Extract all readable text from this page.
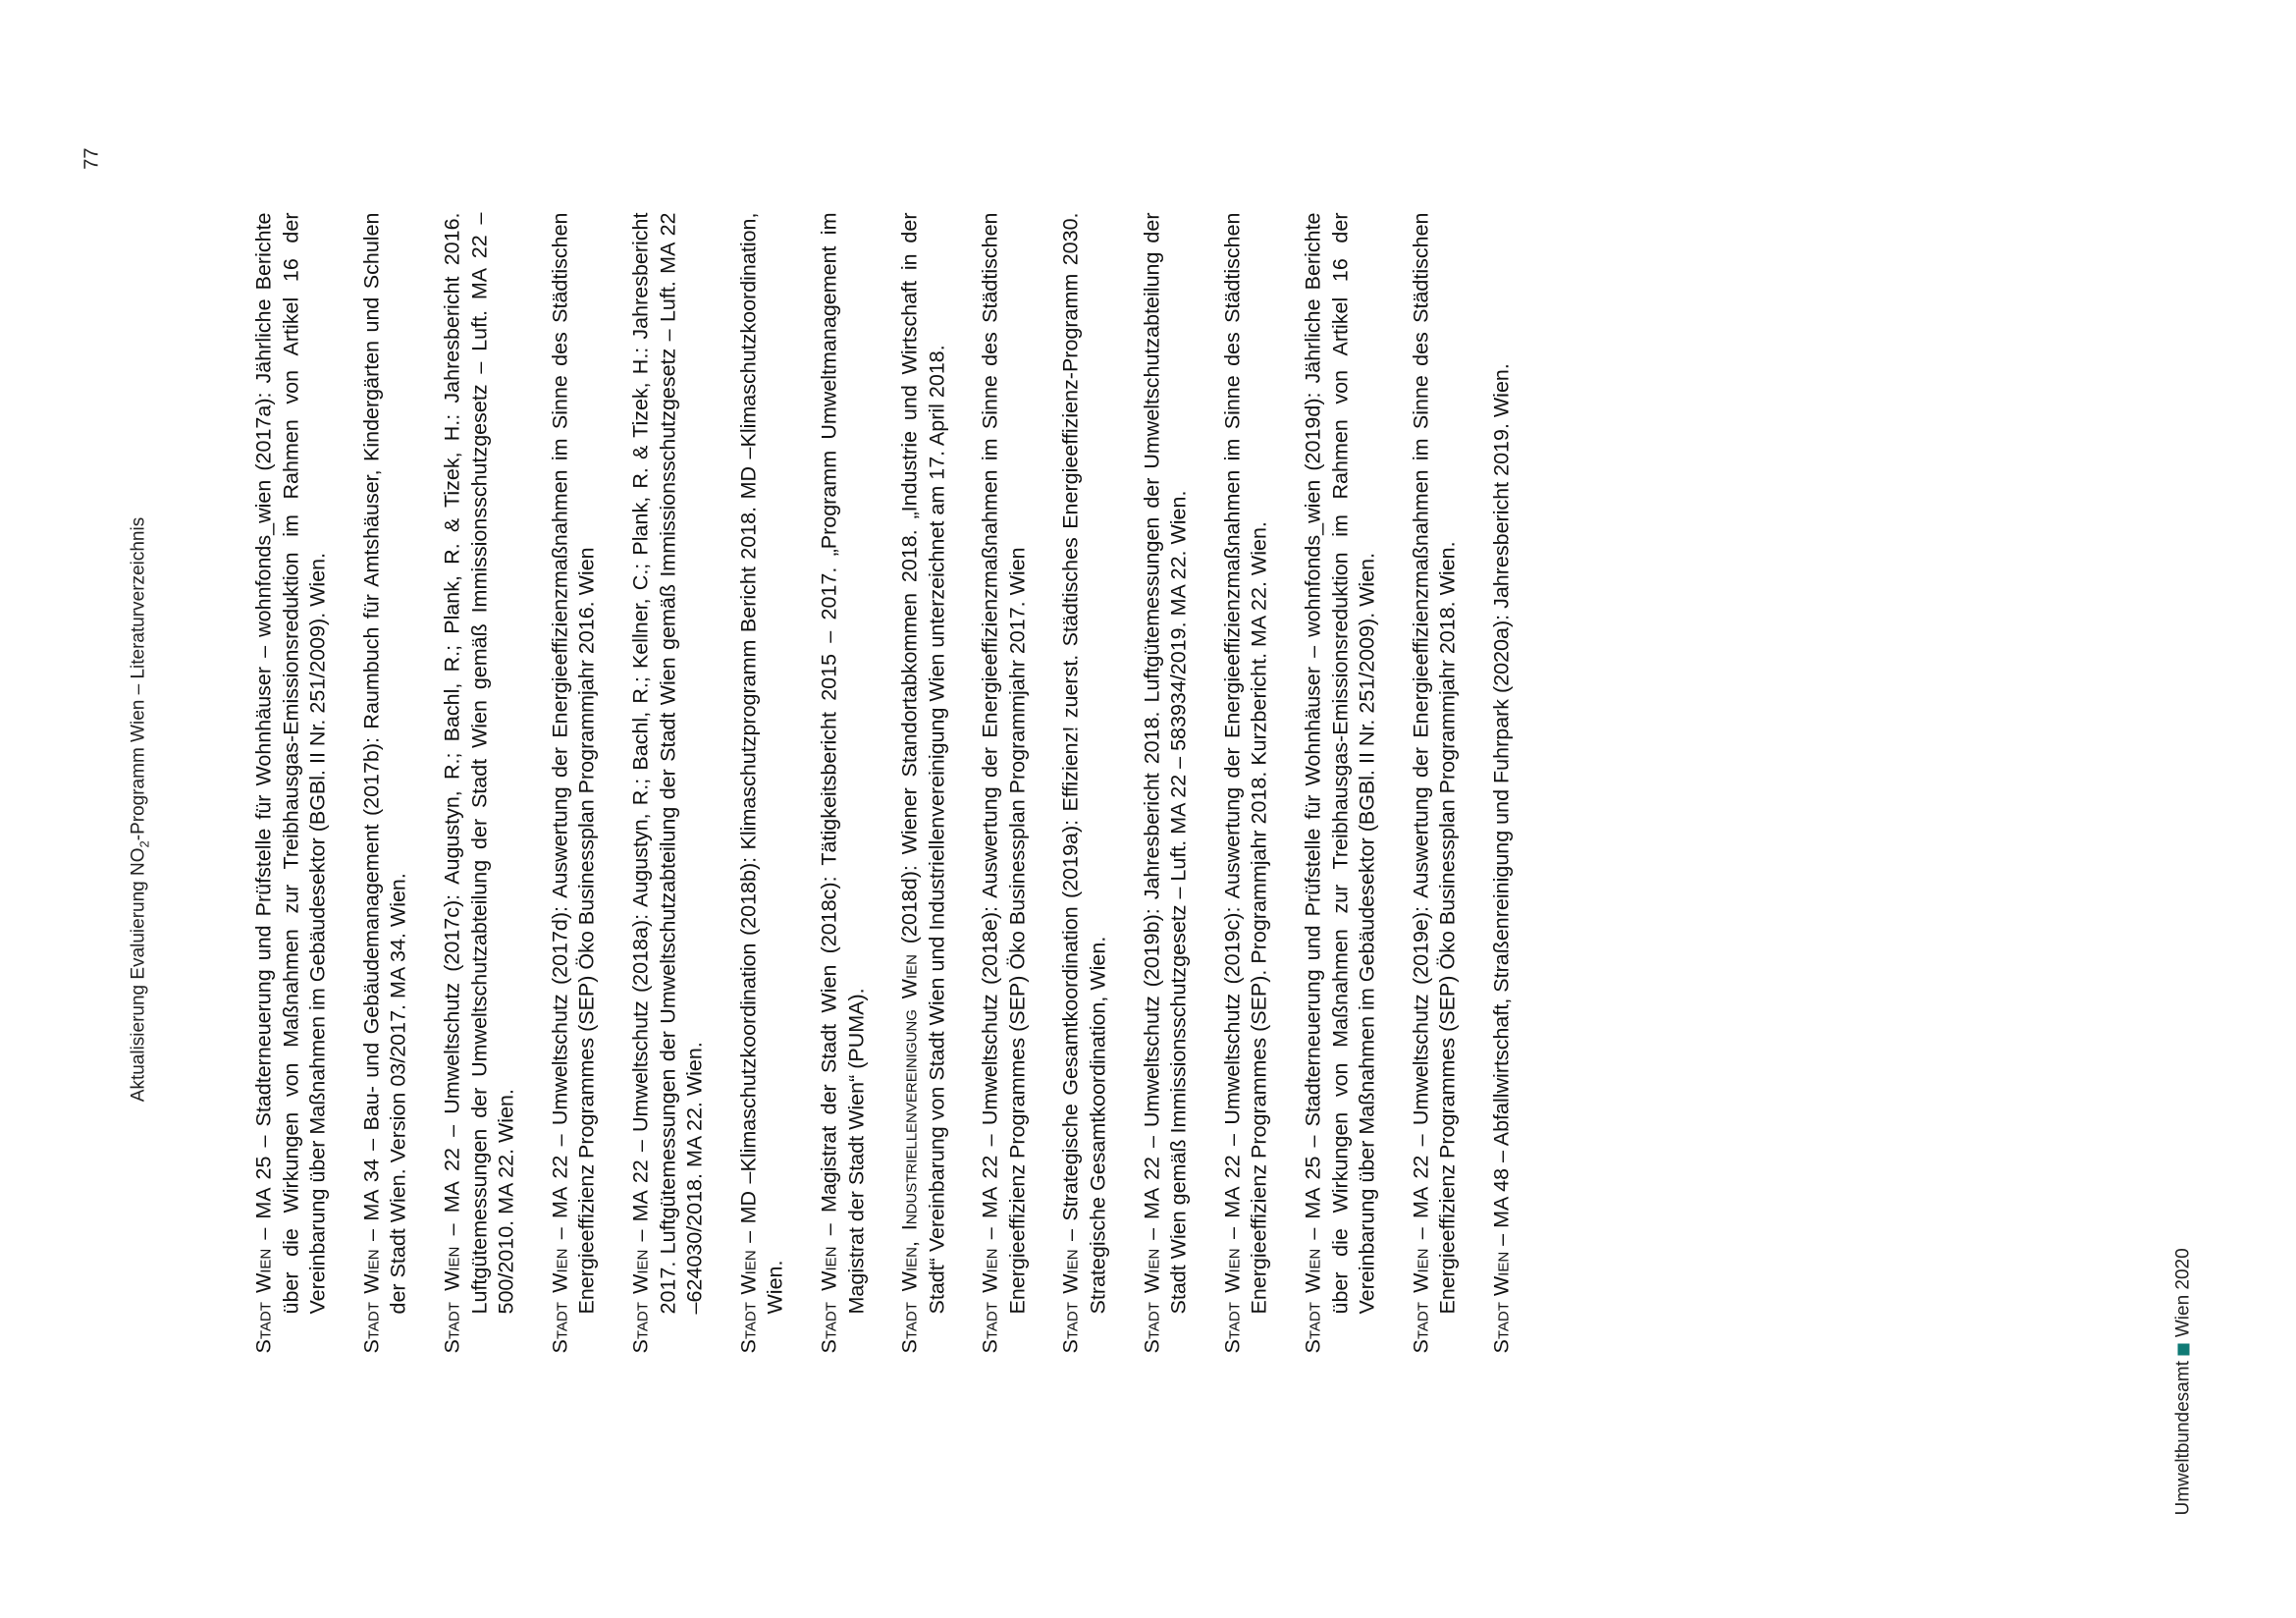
Aktualisierung Evaluierung $NO_2$-Programm Wien – Literaturverzeichnis
77

Stadt Wien – MA 25 – Stadterneuerung und Prüfstelle für Wohnhäuser – wohnfonds_wien (2017a): Jährliche Berichte über die Wirkungen von Maßnahmen zur Treibhausgas-Emissionsreduktion im Rahmen von Artikel 16 der Vereinbarung über Maßnahmen im Gebäudesektor (BGBl. II Nr. 251/2009). Wien. Stadt Wien – MA 34 – Bau- und Gebäudemanagement (2017b): Raumbuch für Amtshäuser, Kindergärten und Schulen der Stadt Wien. Version 03/2017. MA 34. Wien. Stadt Wien – MA 22 – Umweltschutz (2017c): Augustyn, R.; Bachl, R.; Plank, R. & Tizek, H.: Jahresbericht 2016. Luftgütemessungen der Umweltschutzabteilung der Stadt Wien gemäß Immissionsschutzgesetz – Luft. MA 22 – 500/2010. MA 22. Wien. Stadt Wien – MA 22 – Umweltschutz (2017d): Auswertung der Energieeffizienzmaßnahmen im Sinne des Städtischen Energieeffizienz Programmes (SEP) Öko Businessplan Programmjahr 2016. Wien Stadt Wien – MA 22 – Umweltschutz (2018a): Augustyn, R.; Bachl, R.; Kellner, C.; Plank, R. & Tizek, H.: Jahresbericht 2017. Luftgütemessungen der Umweltschutzabteilung der Stadt Wien gemäß Immissionsschutzgesetz – Luft. MA 22 –624030/2018. MA 22. Wien. Stadt Wien – MD –Klimaschutzkoordination (2018b): Klimaschutzprogramm Bericht 2018. MD –Klimaschutzkoordination, Wien. Stadt Wien – Magistrat der Stadt Wien (2018c): Tätigkeitsbericht 2015 – 2017. „Programm Umweltmanagement im Magistrat der Stadt Wien“ (PUMA). Stadt Wien, Industriellenvereinigung Wien (2018d): Wiener Standortabkommen 2018. „Industrie und Wirtschaft in der Stadt“ Vereinbarung von Stadt Wien und Industriellenvereinigung Wien unterzeichnet am 17. April 2018. Stadt Wien – MA 22 – Umweltschutz (2018e): Auswertung der Energieeffizienzmaßnahmen im Sinne des Städtischen Energieeffizienz Programmes (SEP) Öko Businessplan Programmjahr 2017. Wien Stadt Wien – Strategische Gesamtkoordination (2019a): Effizienz! zuerst. Städtisches Energieeffizienz-Programm 2030. Strategische Gesamtkoordination, Wien. Stadt Wien – MA 22 – Umweltschutz (2019b): Jahresbericht 2018. Luftgütemessungen der Umweltschutzabteilung der Stadt Wien gemäß Immissionsschutzgesetz – Luft. MA 22 – 583934/2019. MA 22. Wien. Stadt Wien – MA 22 – Umweltschutz (2019c): Auswertung der Energieeffizienzmaßnahmen im Sinne des Städtischen Energieeffizienz Programmes (SEP). Programmjahr 2018. Kurzbericht. MA 22. Wien. Stadt Wien – MA 25 – Stadterneuerung und Prüfstelle für Wohnhäuser – wohnfonds_wien (2019d): Jährliche Berichte über die Wirkungen von Maßnahmen zur Treibhausgas-Emissionsreduktion im Rahmen von Artikel 16 der Vereinbarung über Maßnahmen im Gebäudesektor (BGBl. II Nr. 251/2009). Wien. Stadt Wien – MA 22 – Umweltschutz (2019e): Auswertung der Energieeffizienzmaßnahmen im Sinne des Städtischen Energieeffizienz Programmes (SEP) Öko Businessplan Programmjahr 2018. Wien. Stadt Wien – MA 48 – Abfallwirtschaft, Straßenreinigung und Fuhrpark (2020a): Jahresbericht 2019. Wien.

Umweltbundesamt
Wien 2020
